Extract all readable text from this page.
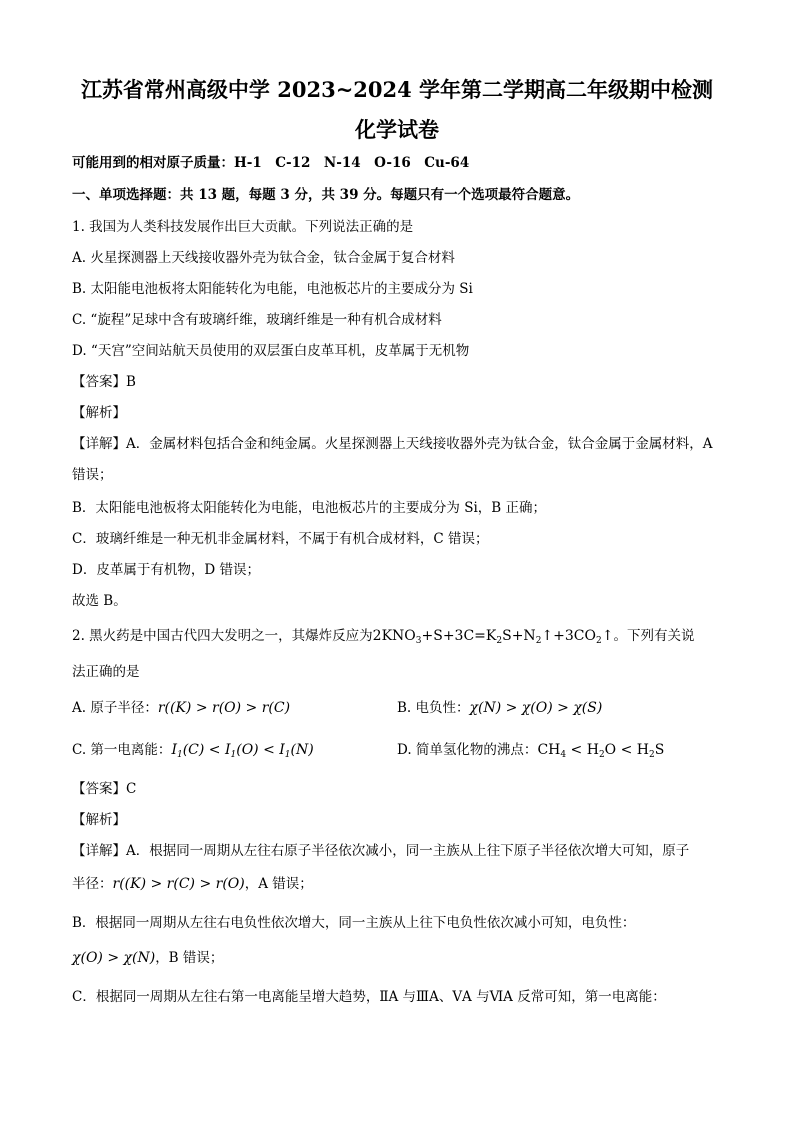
江苏省常州高级中学 2023~2024 学年第二学期高二年级期中检测
化学试卷
可能用到的相对原子质量：H-1　C-12　N-14　O-16　Cu-64
一、单项选择题：共 13 题，每题 3 分，共 39 分。每题只有一个选项最符合题意。
1. 我国为人类科技发展作出巨大贡献。下列说法正确的是
A. 火星探测器上天线接收器外壳为钛合金，钛合金属于复合材料
B. 太阳能电池板将太阳能转化为电能，电池板芯片的主要成分为 Si
C. “旋程”足球中含有玻璃纤维，玻璃纤维是一种有机合成材料
D. “天宫”空间站航天员使用的双层蛋白皮革耳机，皮革属于无机物
【答案】B
【解析】
【详解】A．金属材料包括合金和纯金属。火星探测器上天线接收器外壳为钛合金，钛合金属于金属材料，A
错误；
B．太阳能电池板将太阳能转化为电能，电池板芯片的主要成分为 Si，B 正确；
C．玻璃纤维是一种无机非金属材料，不属于有机合成材料，C 错误；
D．皮革属于有机物，D 错误；
故选 B。
2. 黑火药是中国古代四大发明之一，其爆炸反应为$2KNO_3+S+3C=K_2S+N_2↑+3CO_2↑$。下列有关说
法正确的是
A. 原子半径：r((K) > r(O) > r(C)	B. 电负性：χ(N) > χ(O) > χ(S)
C. 第一电离能：$I_1(C) < I_1(O) < I_1(N)$	D. 简单氢化物的沸点：$CH_4 < H_2O < H_2S$
【答案】C
【解析】
【详解】A．根据同一周期从左往右原子半径依次减小，同一主族从上往下原子半径依次增大可知，原子
半径：r((K) > r(C) > r(O)，A 错误；
B．根据同一周期从左往右电负性依次增大，同一主族从上往下电负性依次减小可知，电负性：
χ(O) > χ(N)，B 错误；
C．根据同一周期从左往右第一电离能呈增大趋势，ⅡA 与ⅢA、ⅤA 与ⅥA 反常可知，第一电离能：
